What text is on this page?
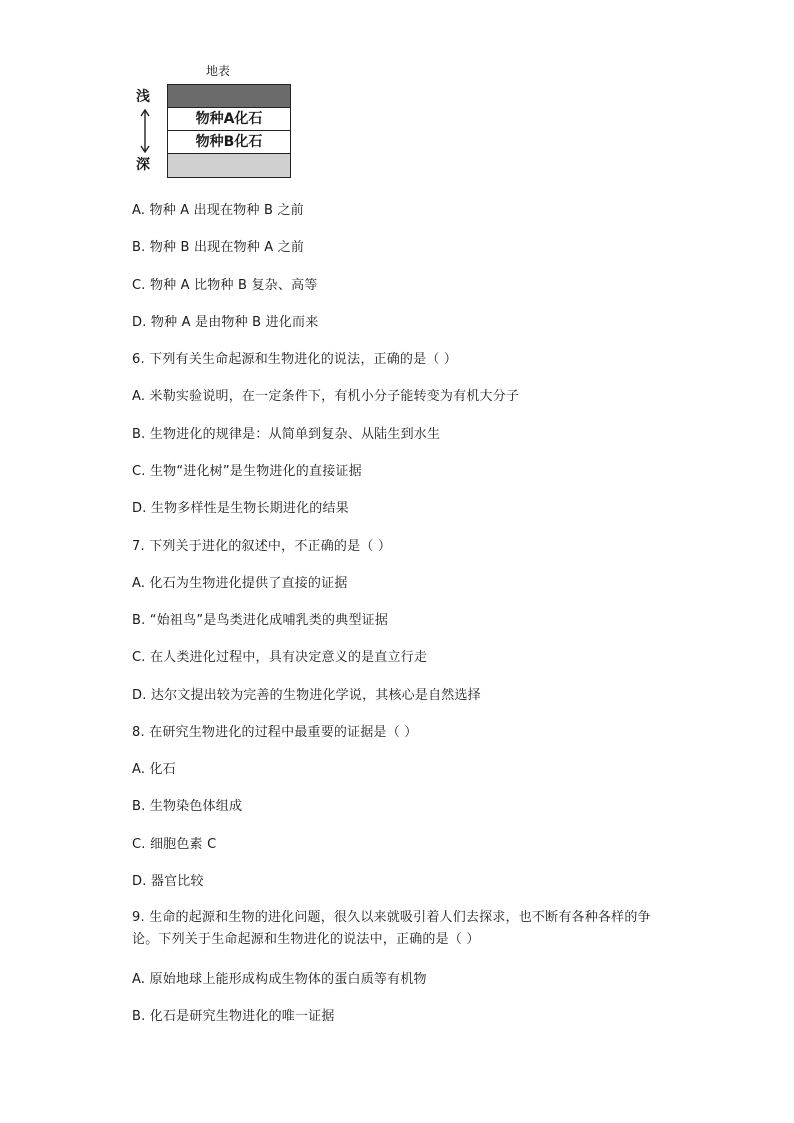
地表
浅
深
物种A化石
物种B化石
A. 物种 A 出现在物种 B 之前
B. 物种 B 出现在物种 A 之前
C. 物种 A 比物种 B 复杂、高等
D. 物种 A 是由物种 B 进化而来
6. 下列有关生命起源和生物进化的说法，正确的是（ ）
A. 米勒实验说明，在一定条件下，有机小分子能转变为有机大分子
B. 生物进化的规律是：从简单到复杂、从陆生到水生
C. 生物“进化树”是生物进化的直接证据
D. 生物多样性是生物长期进化的结果
7. 下列关于进化的叙述中，不正确的是（ ）
A. 化石为生物进化提供了直接的证据
B. “始祖鸟”是鸟类进化成哺乳类的典型证据
C. 在人类进化过程中，具有决定意义的是直立行走
D. 达尔文提出较为完善的生物进化学说，其核心是自然选择
8. 在研究生物进化的过程中最重要的证据是（ ）
A. 化石
B. 生物染色体组成
C. 细胞色素 C
D. 器官比较
9. 生命的起源和生物的进化问题，很久以来就吸引着人们去探求，也不断有各种各样的争论。下列关于生命起源和生物进化的说法中，正确的是（ ）
A. 原始地球上能形成构成生物体的蛋白质等有机物
B. 化石是研究生物进化的唯一证据
